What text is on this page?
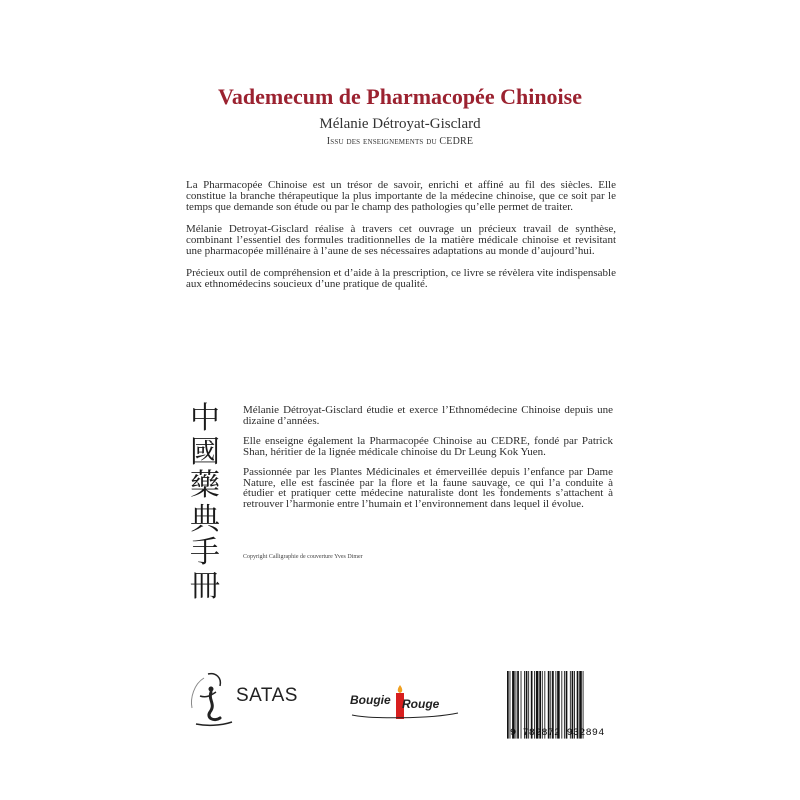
Vademecum de Pharmacopée Chinoise
Mélanie Détroyat-Gisclard
Issu des enseignements du CEDRE

La Pharmacopée Chinoise est un trésor de savoir, enrichi et affiné au fil des siècles. Elle constitue la branche thérapeutique la plus importante de la médecine chinoise, que ce soit par le temps que demande son étude ou par le champ des pathologies qu’elle permet de traiter.

Mélanie Detroyat-Gisclard réalise à travers cet ouvrage un précieux travail de synthèse, combinant l’essentiel des formules traditionnelles de la matière médicale chinoise et revisitant une pharmacopée millénaire à l’aune de ses nécessaires adaptations au monde d’aujourd’hui.

Précieux outil de compréhension et d’aide à la prescription, ce livre se révèlera vite indispensable aux ethnomédecins soucieux d’une pratique de qualité.

中
國
藥
典
手
冊

Mélanie Détroyat-Gisclard étudie et exerce l’Ethnomédecine Chinoise depuis une dizaine d’années.

Elle enseigne également la Pharmacopée Chinoise au CEDRE, fondé par Patrick Shan, héritier de la lignée médicale chinoise du Dr Leung Kok Yuen.

Passionnée par les Plantes Médicinales et émerveillée depuis l’enfance par Dame Nature, elle est fascinée par la flore et la faune sauvage, ce qui l’a conduite à étudier et pratiquer cette médecine naturaliste dont les fondements s’attachent à retrouver l’harmonie entre l’humain et l’environnement dans lequel il évolue.

Copyright Calligraphie de couverture Yves Dimer
SATAS	Bougie Rouge
9 782872 932894
